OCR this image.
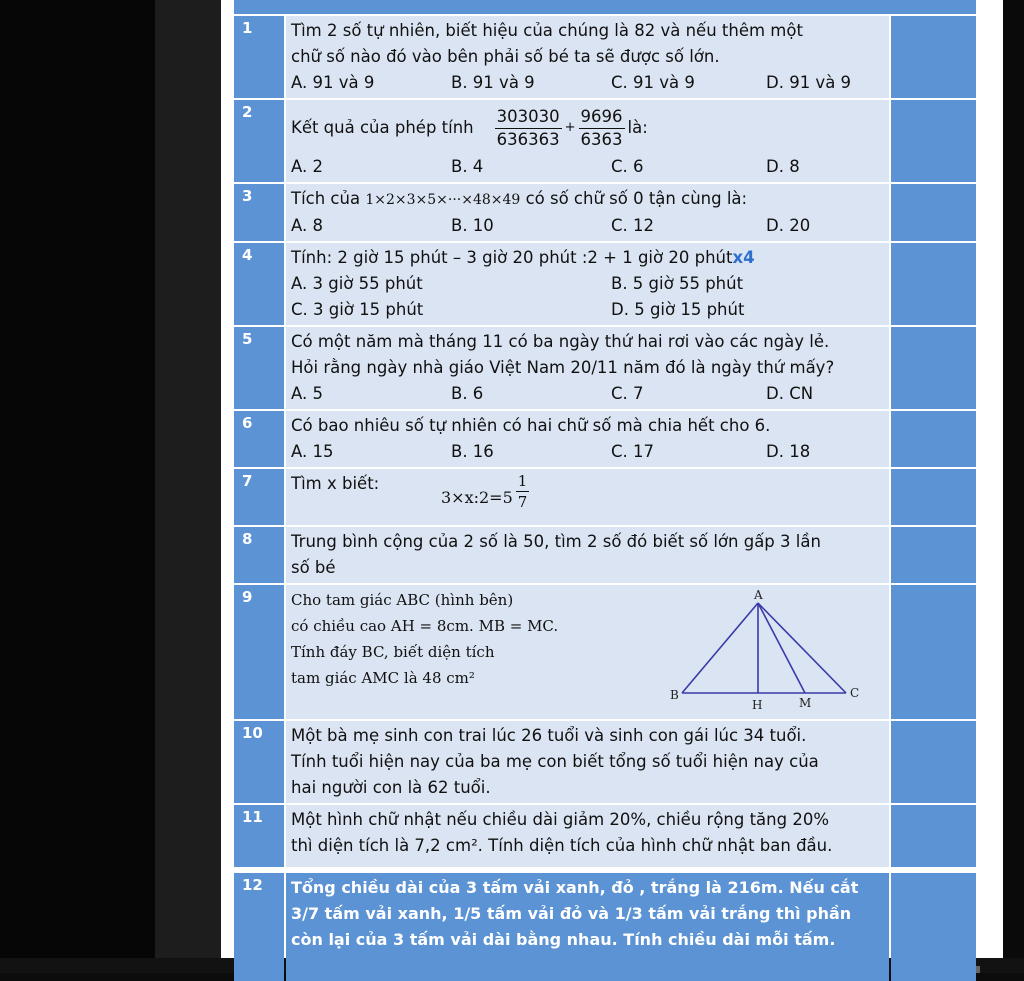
1	Tìm 2 số tự nhiên, biết hiệu của chúng là 82 và nếu thêm một
chữ số nào đó vào bên phải số bé ta sẽ được số lớn.
A. 91 và 9	B. 91 và 9	C. 91 và 9	D. 91 và 9
2
Kết quả của phép tính $\frac{303030}{636363} + \frac{9696}{6363}$ là:
A. 2	B. 4	C. 6	D. 8
3	Tích của 1×2×3×5×···×48×49 có số chữ số 0 tận cùng là:
A. 8	B. 10	C. 12	D. 20
4	Tính: 2 giờ 15 phút – 3 giờ 20 phút :2 + 1 giờ 20 phútx4
A. 3 giờ 55 phút	B. 5 giờ 55 phút
C. 3 giờ 15 phút	D. 5 giờ 15 phút
5	Có một năm mà tháng 11 có ba ngày thứ hai rơi vào các ngày lẻ.
Hỏi rằng ngày nhà giáo Việt Nam 20/11 năm đó là ngày thứ mấy?
A. 5	B. 6	C. 7	D. CN
6	Có bao nhiêu số tự nhiên có hai chữ số mà chia hết cho 6.
A. 15	B. 16	C. 17	D. 18
7	Tìm x biết:
3×x:2=5 $\frac{1}{7}$
8	Trung bình cộng của 2 số là 50, tìm 2 số đó biết số lớn gấp 3 lần
số bé
9	Cho tam giác ABC (hình bên)
có chiều cao AH = 8cm. MB = MC.
Tính đáy BC, biết diện tích
tam giác AMC là 48 cm²
A
B	C
H	M
10	Một bà mẹ sinh con trai lúc 26 tuổi và sinh con gái lúc 34 tuổi.
Tính tuổi hiện nay của ba mẹ con biết tổng số tuổi hiện nay của
hai người con là 62 tuổi.
11	Một hình chữ nhật nếu chiều dài giảm 20%, chiều rộng tăng 20%
thì diện tích là 7,2 cm². Tính diện tích của hình chữ nhật ban đầu.
12	Tổng chiều dài của 3 tấm vải xanh, đỏ , trắng là 216m. Nếu cắt
3/7 tấm vải xanh, 1/5 tấm vải đỏ và 1/3 tấm vải trắng thì phần
còn lại của 3 tấm vải dài bằng nhau. Tính chiều dài mỗi tấm.
